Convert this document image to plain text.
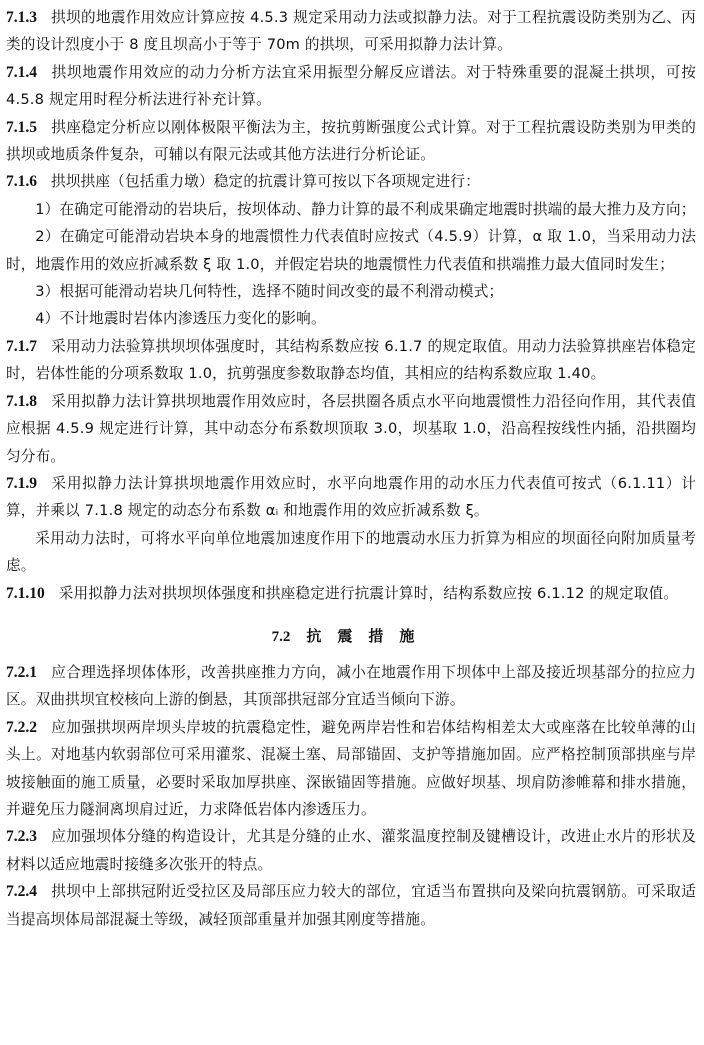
7.1.3 拱坝的地震作用效应计算应按 4.5.3 规定采用动力法或拟静力法。对于工程抗震设防类别为乙、丙类的设计烈度小于 8 度且坝高小于等于 70m 的拱坝，可采用拟静力法计算。

7.1.4 拱坝地震作用效应的动力分析方法宜采用振型分解反应谱法。对于特殊重要的混凝土拱坝，可按 4.5.8 规定用时程分析法进行补充计算。

7.1.5 拱座稳定分析应以刚体极限平衡法为主，按抗剪断强度公式计算。对于工程抗震设防类别为甲类的拱坝或地质条件复杂，可辅以有限元法或其他方法进行分析论证。

7.1.6 拱坝拱座（包括重力墩）稳定的抗震计算可按以下各项规定进行：

1）在确定可能滑动的岩块后，按坝体动、静力计算的最不利成果确定地震时拱端的最大推力及方向；

2）在确定可能滑动岩块本身的地震惯性力代表值时应按式（4.5.9）计算，α 取 1.0，当采用动力法时，地震作用的效应折减系数 ξ 取 1.0，并假定岩块的地震惯性力代表值和拱端推力最大值同时发生；

3）根据可能滑动岩块几何特性，选择不随时间改变的最不利滑动模式；

4）不计地震时岩体内渗透压力变化的影响。

7.1.7 采用动力法验算拱坝坝体强度时，其结构系数应按 6.1.7 的规定取值。用动力法验算拱座岩体稳定时，岩体性能的分项系数取 1.0，抗剪强度参数取静态均值，其相应的结构系数应取 1.40。

7.1.8 采用拟静力法计算拱坝地震作用效应时，各层拱圈各质点水平向地震惯性力沿径向作用，其代表值应根据 4.5.9 规定进行计算，其中动态分布系数坝顶取 3.0，坝基取 1.0，沿高程按线性内插，沿拱圈均匀分布。

7.1.9 采用拟静力法计算拱坝地震作用效应时，水平向地震作用的动水压力代表值可按式（6.1.11）计算，并乘以 7.1.8 规定的动态分布系数 αᵢ 和地震作用的效应折减系数 ξ。

采用动力法时，可将水平向单位地震加速度作用下的地震动水压力折算为相应的坝面径向附加质量考虑。

7.1.10 采用拟静力法对拱坝坝体强度和拱座稳定进行抗震计算时，结构系数应按 6.1.12 的规定取值。

7.2 抗震措施

7.2.1 应合理选择坝体体形，改善拱座推力方向，减小在地震作用下坝体中上部及接近坝基部分的拉应力区。双曲拱坝宜校核向上游的倒悬，其顶部拱冠部分宜适当倾向下游。

7.2.2 应加强拱坝两岸坝头岸坡的抗震稳定性，避免两岸岩性和岩体结构相差太大或座落在比较单薄的山头上。对地基内软弱部位可采用灌浆、混凝土塞、局部锚固、支护等措施加固。应严格控制顶部拱座与岸坡接触面的施工质量，必要时采取加厚拱座、深嵌锚固等措施。应做好坝基、坝肩防渗帷幕和排水措施，并避免压力隧洞离坝肩过近，力求降低岩体内渗透压力。

7.2.3 应加强坝体分缝的构造设计，尤其是分缝的止水、灌浆温度控制及键槽设计，改进止水片的形状及材料以适应地震时接缝多次张开的特点。

7.2.4 拱坝中上部拱冠附近受拉区及局部压应力较大的部位，宜适当布置拱向及梁向抗震钢筋。可采取适当提高坝体局部混凝土等级，减轻顶部重量并加强其刚度等措施。
